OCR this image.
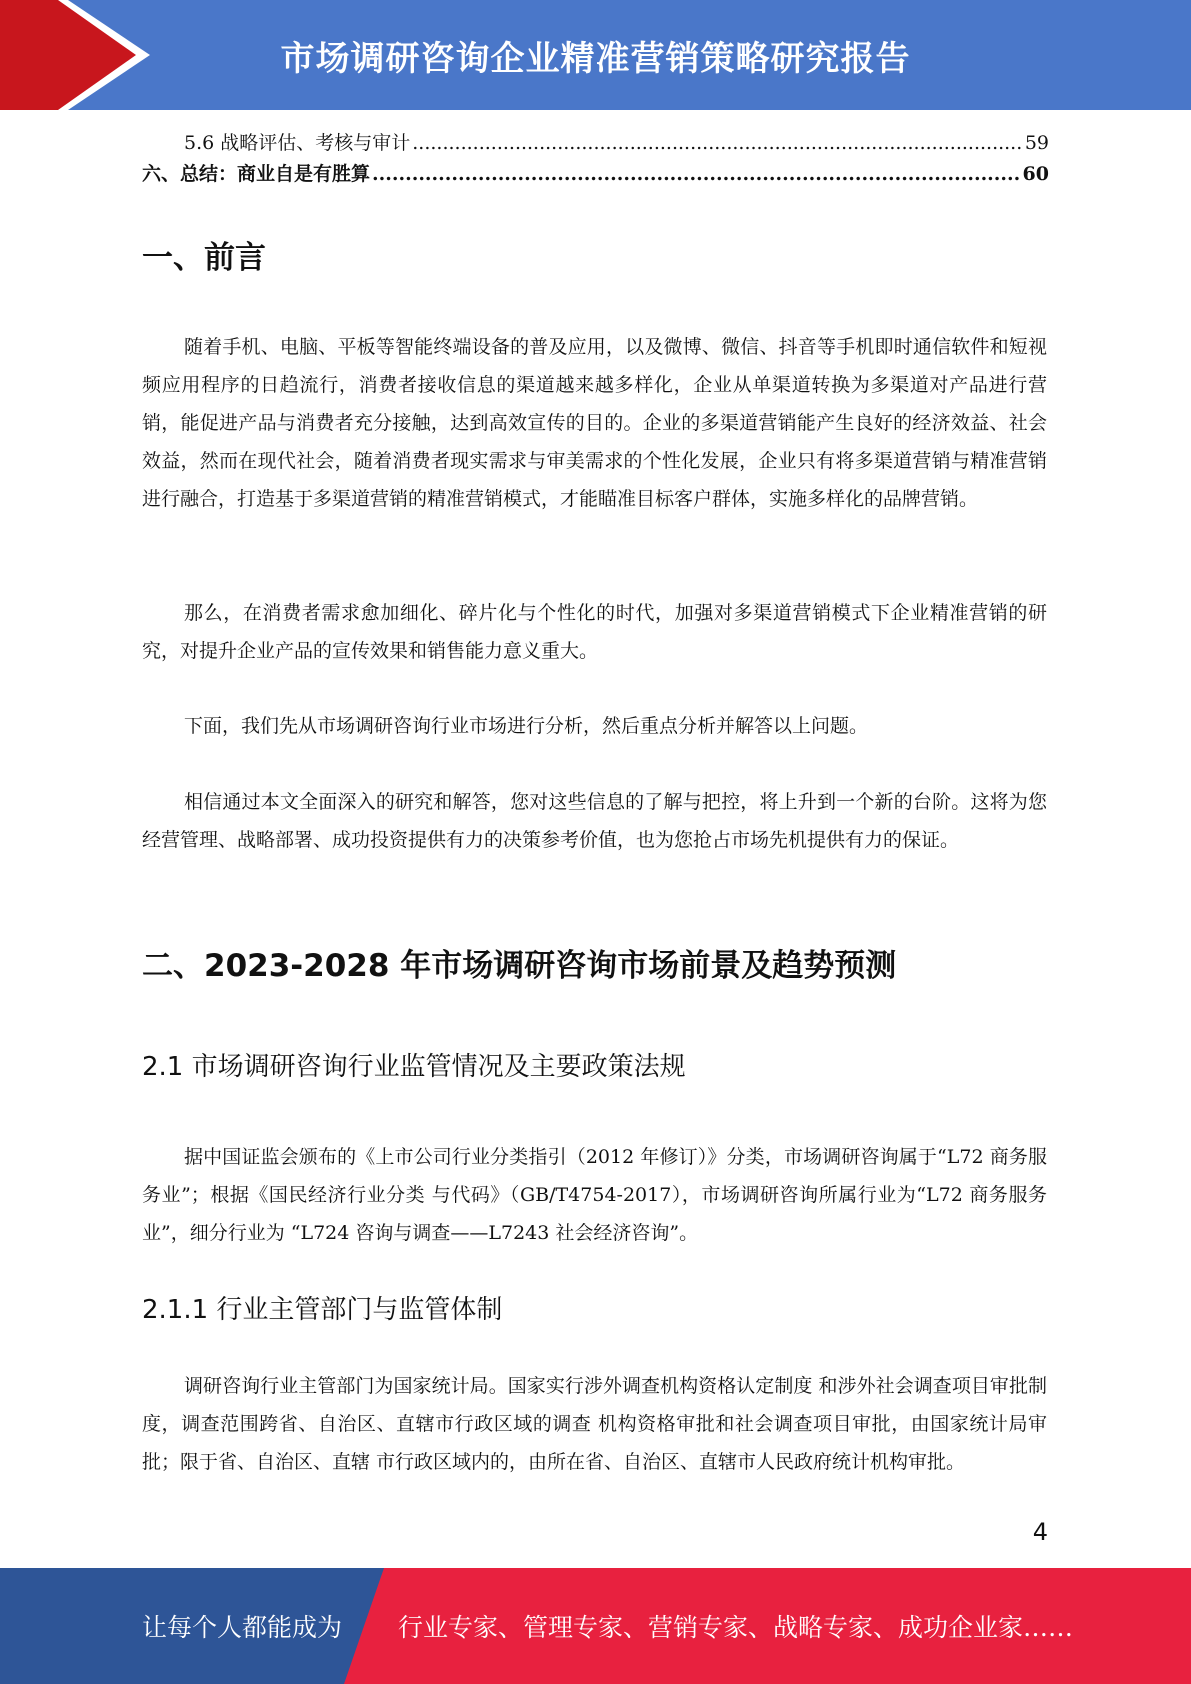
市场调研咨询企业精准营销策略研究报告
5.6 战略评估、考核与审计 .....	59
六、总结：商业自是有胜算 .....	60
一、前言

随着手机、电脑、平板等智能终端设备的普及应用，以及微博、微信、抖音等手机即时通信软件和短视频应用程序的日趋流行，消费者接收信息的渠道越来越多样化，企业从单渠道转换为多渠道对产品进行营销，能促进产品与消费者充分接触，达到高效宣传的目的。企业的多渠道营销能产生良好的经济效益、社会效益，然而在现代社会，随着消费者现实需求与审美需求的个性化发展，企业只有将多渠道营销与精准营销进行融合，打造基于多渠道营销的精准营销模式，才能瞄准目标客户群体，实施多样化的品牌营销。

那么，在消费者需求愈加细化、碎片化与个性化的时代，加强对多渠道营销模式下企业精准营销的研究，对提升企业产品的宣传效果和销售能力意义重大。

下面，我们先从市场调研咨询行业市场进行分析，然后重点分析并解答以上问题。

相信通过本文全面深入的研究和解答，您对这些信息的了解与把控，将上升到一个新的台阶。这将为您经营管理、战略部署、成功投资提供有力的决策参考价值，也为您抢占市场先机提供有力的保证。

二、2023-2028 年市场调研咨询市场前景及趋势预测
2.1 市场调研咨询行业监管情况及主要政策法规

据中国证监会颁布的《上市公司行业分类指引（2012 年修订）》分类，市场调研咨询属于“L72 商务服务业”；根据《国民经济行业分类 与代码》（GB/T4754-2017），市场调研咨询所属行业为“L72 商务服务业”，细分行业为 “L724 咨询与调查——L7243 社会经济咨询”。

2.1.1 行业主管部门与监管体制

调研咨询行业主管部门为国家统计局。国家实行涉外调查机构资格认定制度 和涉外社会调查项目审批制度，调查范围跨省、自治区、直辖市行政区域的调查 机构资格审批和社会调查项目审批，由国家统计局审批；限于省、自治区、直辖 市行政区域内的，由所在省、自治区、直辖市人民政府统计机构审批。

4
让每个人都能成为 行业专家、管理专家、营销专家、战略专家、成功企业家……
